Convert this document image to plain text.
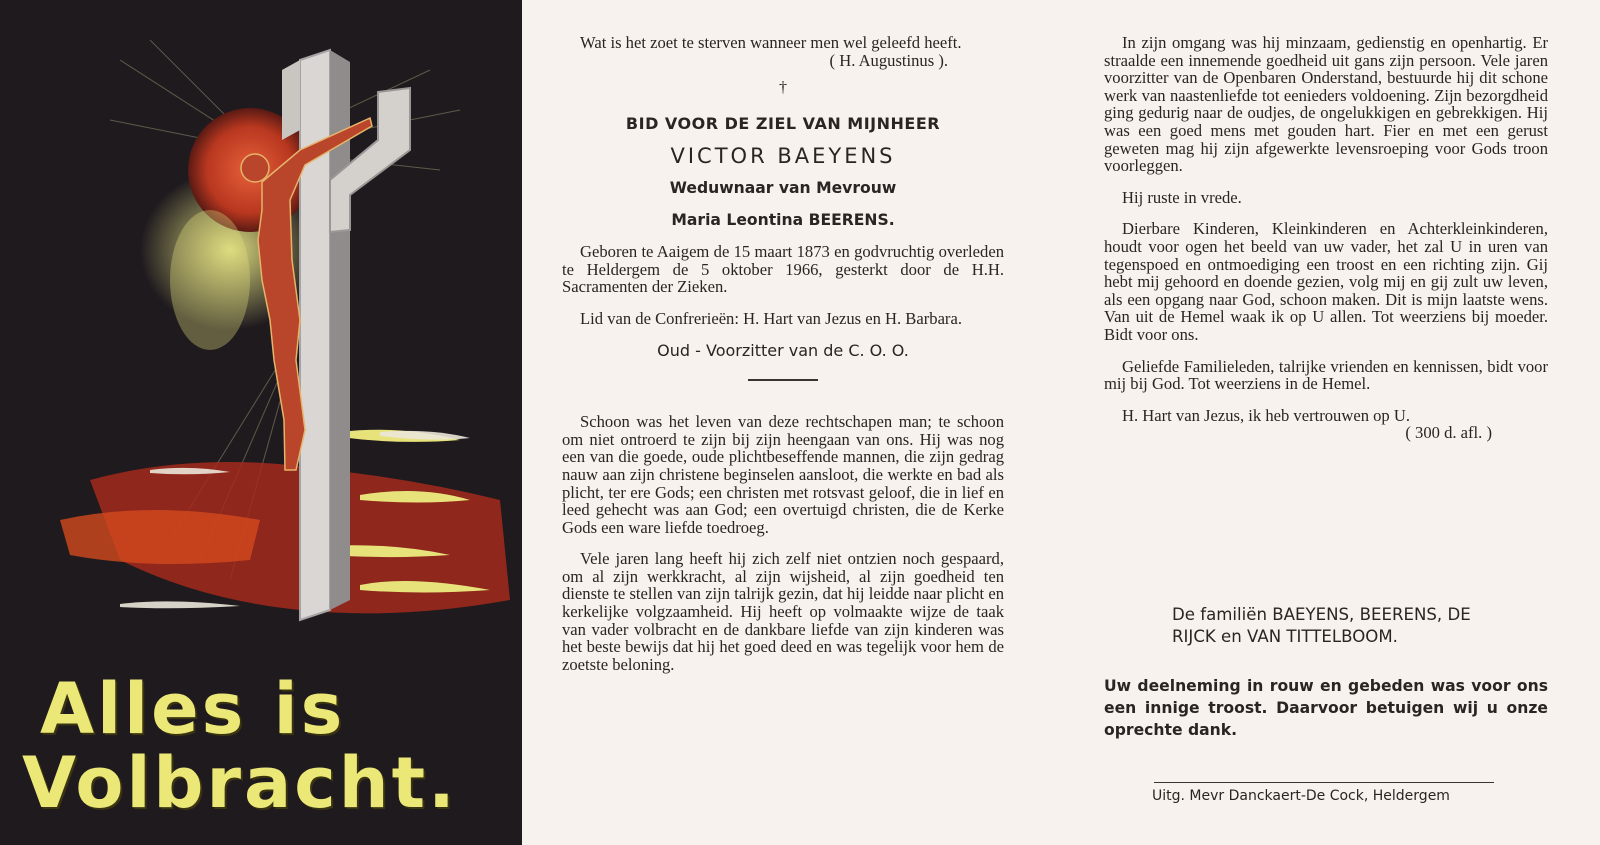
Alles is
Volbracht.

Wat is het zoet te sterven wanneer men wel geleefd heeft.

( H. Augustinus ).
†
BID VOOR DE ZIEL VAN MIJNHEER
VICTOR BAEYENS
Weduwnaar van Mevrouw
Maria Leontina BEERENS.

Geboren te Aaigem de 15 maart 1873 en godvruchtig overleden te Heldergem de 5 oktober 1966, gesterkt door de H.H. Sacramenten der Zieken.

Lid van de Confrerieën: H. Hart van Jezus en H. Barbara.

Oud - Voorzitter van de C. O. O.

Schoon was het leven van deze rechtschapen man; te schoon om niet ontroerd te zijn bij zijn heengaan van ons. Hij was nog een van die goede, oude plichtbeseffende mannen, die zijn gedrag nauw aan zijn christene beginselen aansloot, die werkte en bad als plicht, ter ere Gods; een christen met rotsvast geloof, die in lief en leed gehecht was aan God; een overtuigd christen, die de Kerke Gods een ware liefde toedroeg.

Vele jaren lang heeft hij zich zelf niet ontzien noch gespaard, om al zijn werkkracht, al zijn wijsheid, al zijn goedheid ten dienste te stellen van zijn talrijk gezin, dat hij leidde naar plicht en kerkelijke volgzaamheid. Hij heeft op volmaakte wijze de taak van vader volbracht en de dankbare liefde van zijn kinderen was het beste bewijs dat hij het goed deed en was tegelijk voor hem de zoetste beloning.

In zijn omgang was hij minzaam, gedienstig en openhartig. Er straalde een innemende goedheid uit gans zijn persoon. Vele jaren voorzitter van de Openbaren Onderstand, bestuurde hij dit schone werk van naastenliefde tot eenieders voldoening. Zijn bezorgdheid ging gedurig naar de oudjes, de ongelukkigen en gebrekkigen. Hij was een goed mens met gouden hart. Fier en met een gerust geweten mag hij zijn afgewerkte levensroeping voor Gods troon voorleggen.

Hij ruste in vrede.

Dierbare Kinderen, Kleinkinderen en Achterkleinkinderen, houdt voor ogen het beeld van uw vader, het zal U in uren van tegenspoed en ontmoediging een troost en een richting zijn. Gij hebt mij gehoord en doende gezien, volg mij en gij zult uw leven, als een opgang naar God, schoon maken. Dit is mijn laatste wens. Van uit de Hemel waak ik op U allen. Tot weerziens bij moeder. Bidt voor ons.

Geliefde Familieleden, talrijke vrienden en kennissen, bidt voor mij bij God. Tot weerziens in de Hemel.

H. Hart van Jezus, ik heb vertrouwen op U.

( 300 d. afl. )
De familiën BAEYENS, BEERENS, DE RIJCK en VAN TITTELBOOM.
Uw deelneming in rouw en gebeden was voor ons een innige troost. Daarvoor betuigen wij u onze oprechte dank.
Uitg. Mevr Danckaert-De Cock, Heldergem
